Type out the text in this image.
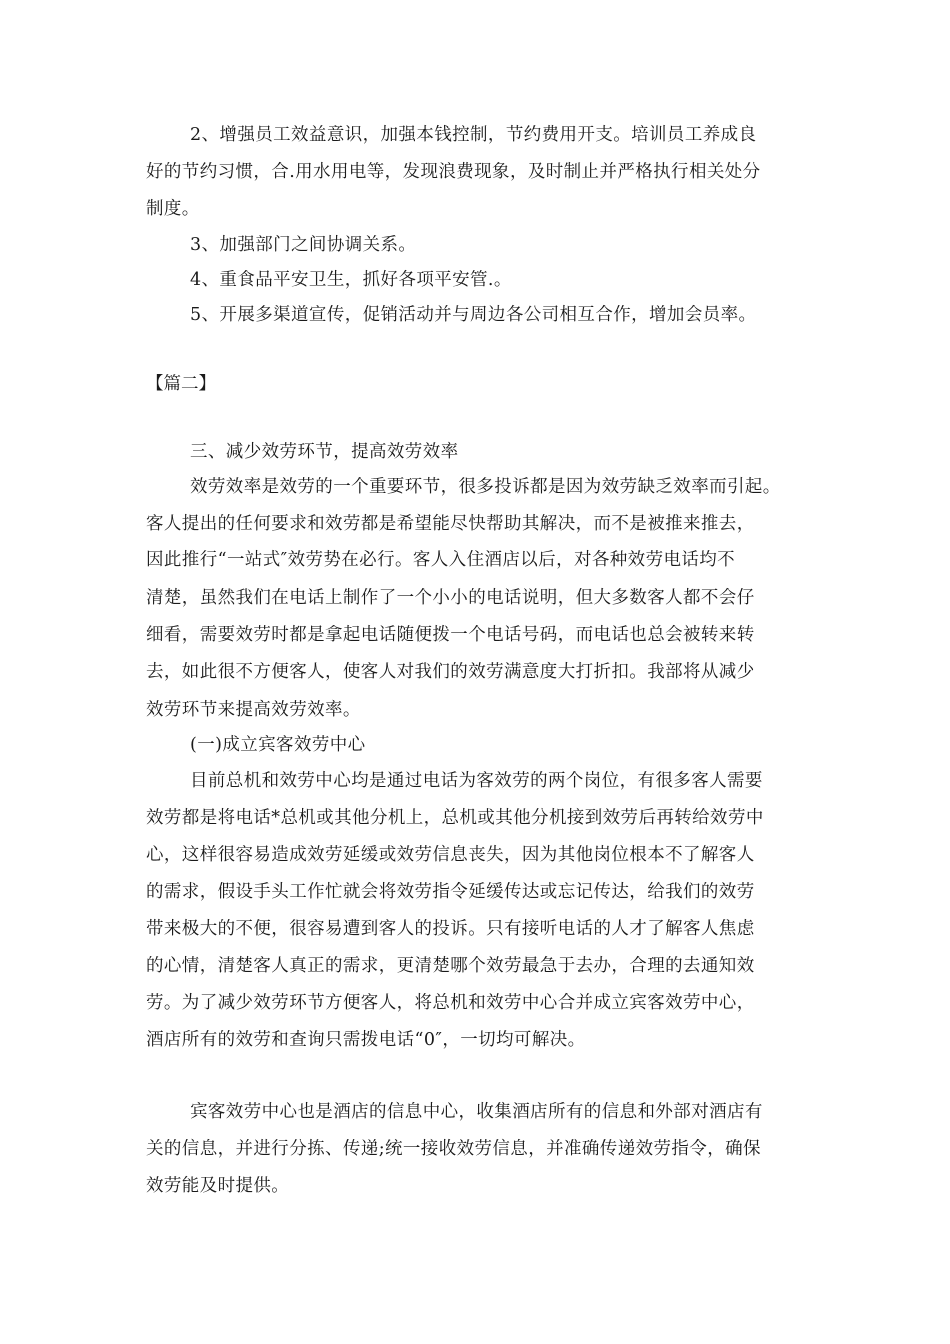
2、增强员工效益意识，加强本钱控制，节约费用开支。培训员工养成良
好的节约习惯，合.用水用电等，发现浪费现象，及时制止并严格执行相关处分
制度。
3、加强部门之间协调关系。
4、重食品平安卫生，抓好各项平安管.。
5、开展多渠道宣传，促销活动并与周边各公司相互合作，增加会员率。
【篇二】
三、减少效劳环节，提高效劳效率
效劳效率是效劳的一个重要环节，很多投诉都是因为效劳缺乏效率而引起。
客人提出的任何要求和效劳都是希望能尽快帮助其解决，而不是被推来推去，
因此推行“一站式″效劳势在必行。客人入住酒店以后，对各种效劳电话均不
清楚，虽然我们在电话上制作了一个小小的电话说明，但大多数客人都不会仔
细看，需要效劳时都是拿起电话随便拨一个电话号码，而电话也总会被转来转
去，如此很不方便客人，使客人对我们的效劳满意度大打折扣。我部将从减少
效劳环节来提高效劳效率。
(一)成立宾客效劳中心
目前总机和效劳中心均是通过电话为客效劳的两个岗位，有很多客人需要
效劳都是将电话*总机或其他分机上，总机或其他分机接到效劳后再转给效劳中
心，这样很容易造成效劳延缓或效劳信息丧失，因为其他岗位根本不了解客人
的需求，假设手头工作忙就会将效劳指令延缓传达或忘记传达，给我们的效劳
带来极大的不便，很容易遭到客人的投诉。只有接听电话的人才了解客人焦虑
的心情，清楚客人真正的需求，更清楚哪个效劳最急于去办，合理的去通知效
劳。为了减少效劳环节方便客人，将总机和效劳中心合并成立宾客效劳中心，
酒店所有的效劳和查询只需拨电话“0″，一切均可解决。
宾客效劳中心也是酒店的信息中心，收集酒店所有的信息和外部对酒店有
关的信息，并进行分拣、传递;统一接收效劳信息，并准确传递效劳指令，确保
效劳能及时提供。
